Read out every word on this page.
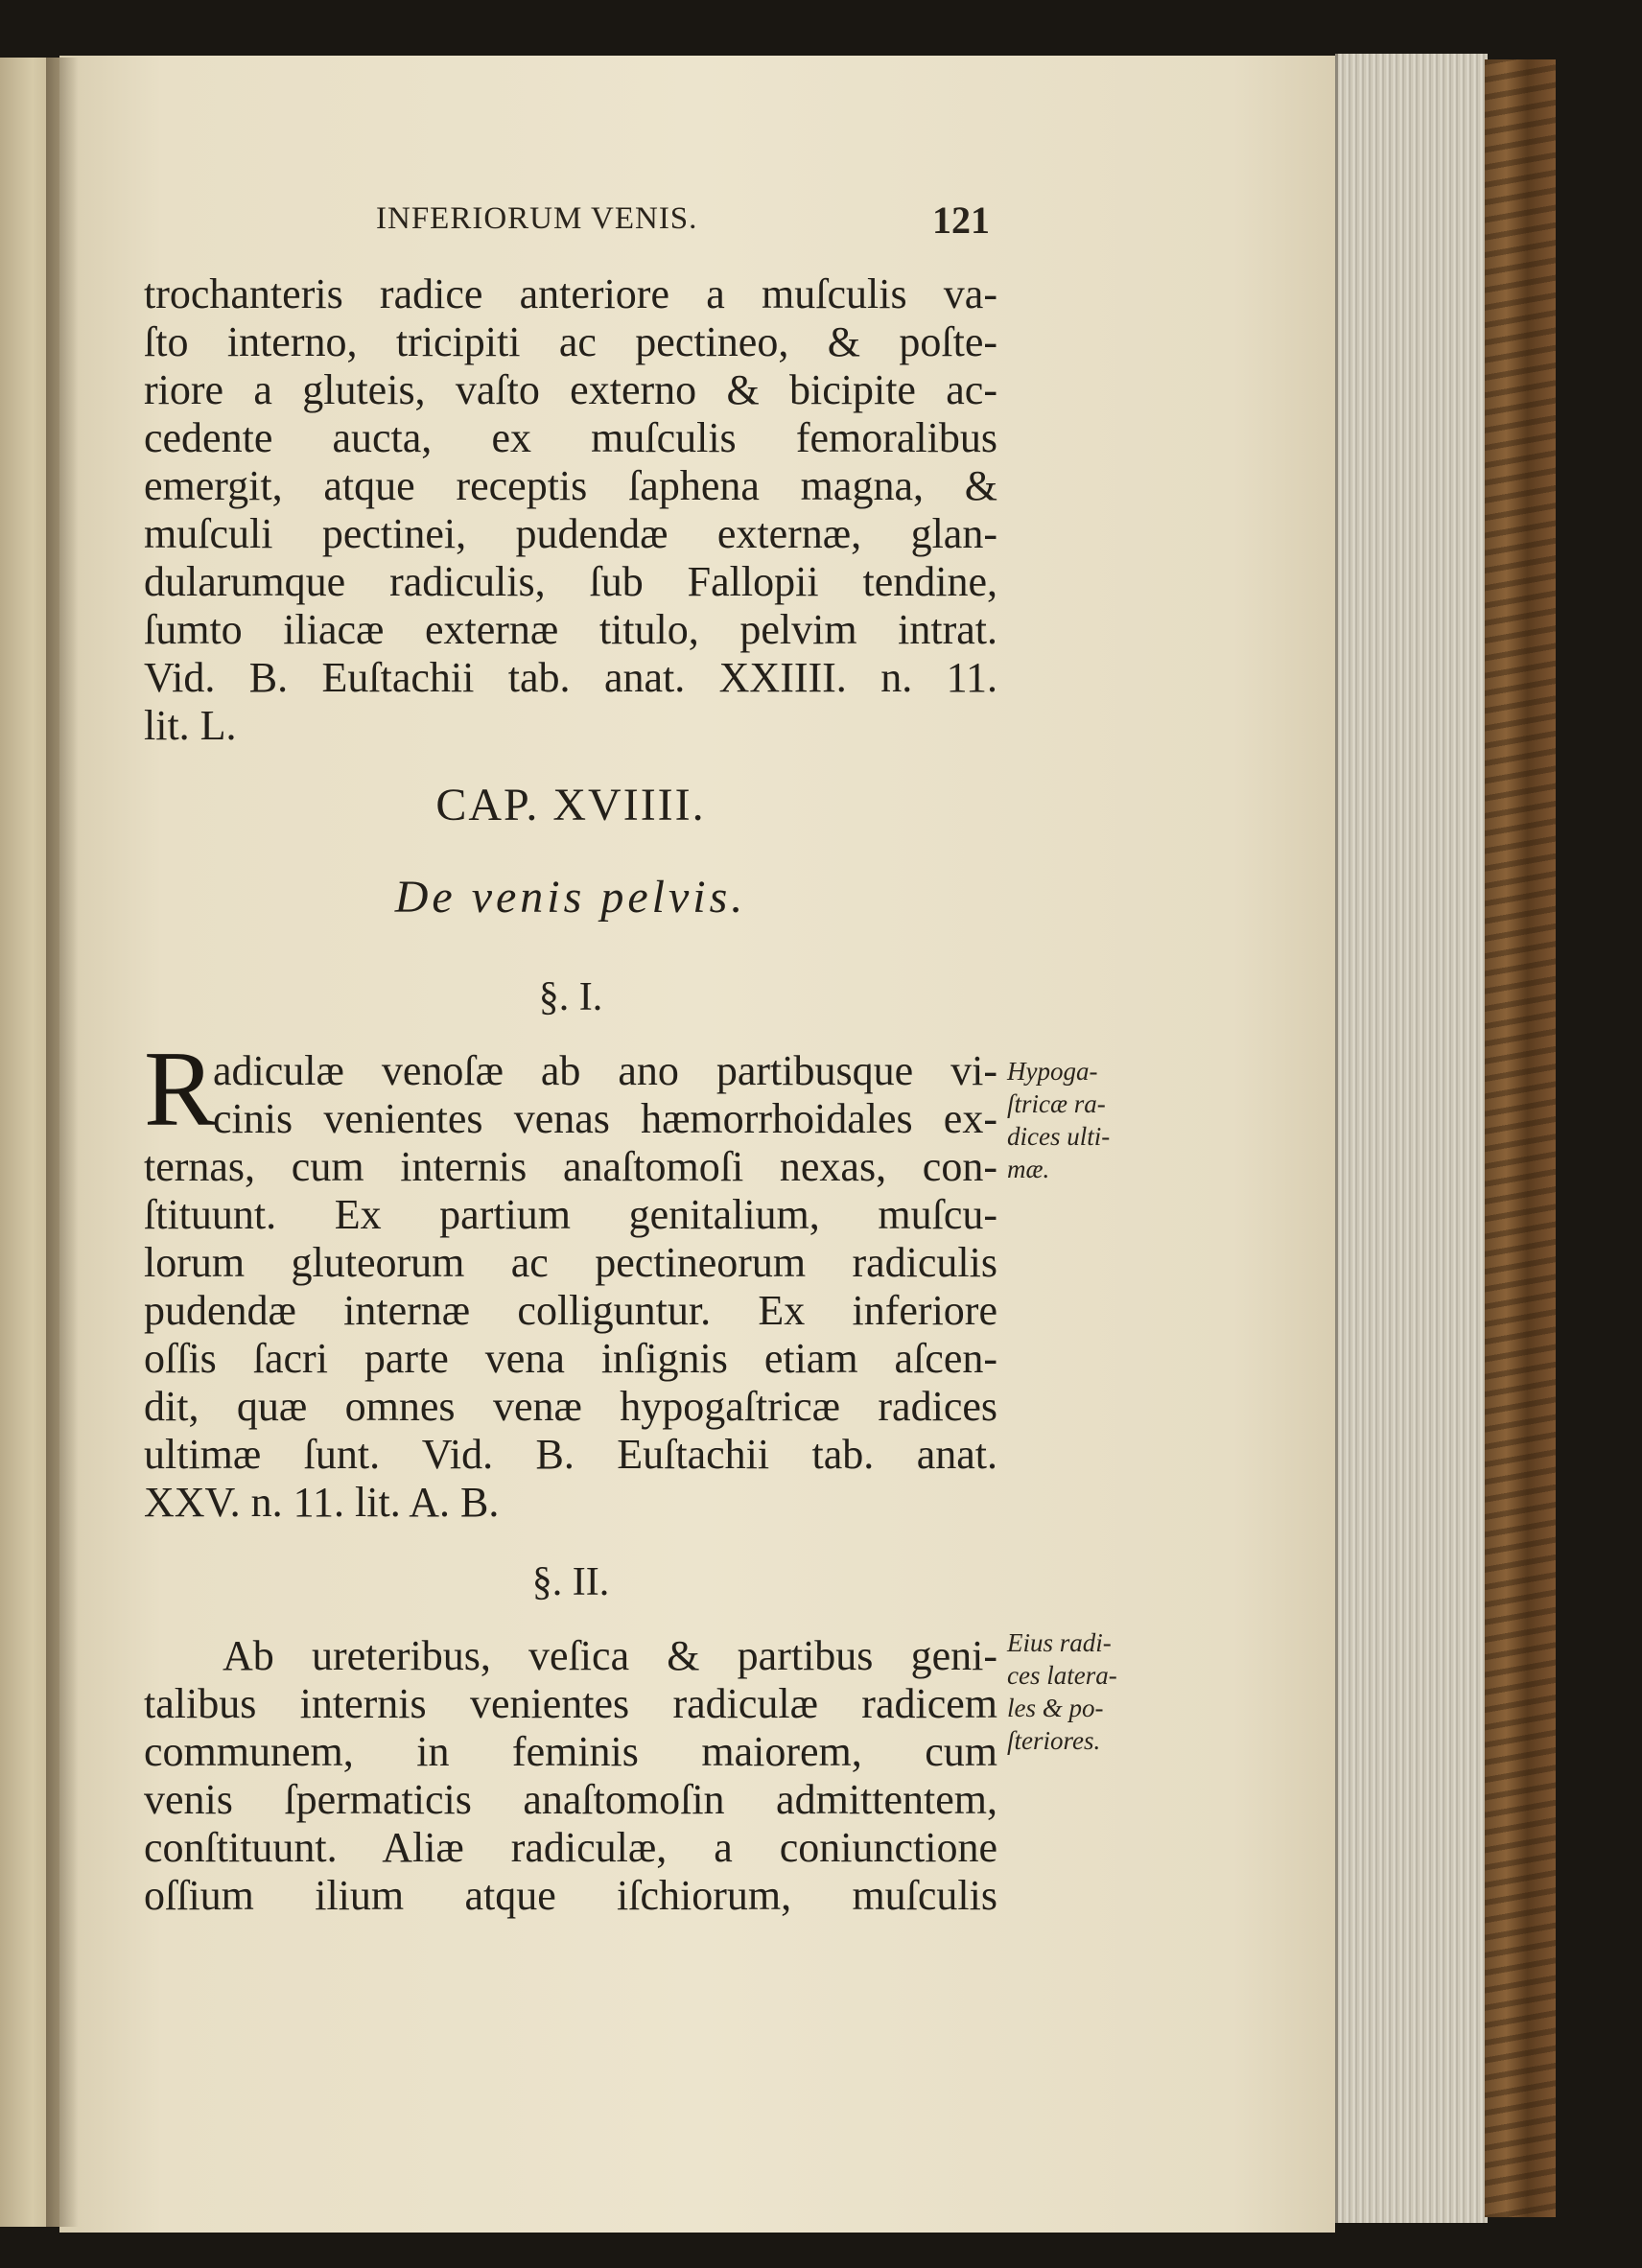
INFERIORUM VENIS.	121
trochanteris radice anteriore a muſculis va-
ſto interno, tricipiti ac pectineo, & poſte-
riore a gluteis, vaſto externo & bicipite ac-
cedente aucta, ex muſculis femoralibus
emergit, atque receptis ſaphena magna, &
muſculi pectinei, pudendæ externæ, glan-
dularumque radiculis, ſub Fallopii tendine,
ſumto iliacæ externæ titulo, pelvim intrat.
Vid. B. Euſtachii tab. anat. XXIIII. n. 11.
lit. L.
CAP. XVIIII.
De venis pelvis.
§. I.
R
adiculæ venoſæ ab ano partibusque vi-
cinis venientes venas hæmorrhoidales ex-
ternas, cum internis anaſtomoſi nexas, con-
ſtituunt. Ex partium genitalium, muſcu-
lorum gluteorum ac pectineorum radiculis
pudendæ internæ colliguntur. Ex inferiore
oſſis ſacri parte vena inſignis etiam aſcen-
dit, quæ omnes venæ hypogaſtricæ radices
ultimæ ſunt. Vid. B. Euſtachii tab. anat.
XXV. n. 11. lit. A. B.
Hypoga-
ſtricæ ra-
dices ulti-
mæ.
§. II.
Ab ureteribus, veſica & partibus geni-
talibus internis venientes radiculæ radicem
communem, in feminis maiorem, cum
venis ſpermaticis anaſtomoſin admittentem,
conſtituunt. Aliæ radiculæ, a coniunctione
oſſium ilium atque iſchiorum, muſculis
Eius radi-
ces latera-
les & po-
ſteriores.
